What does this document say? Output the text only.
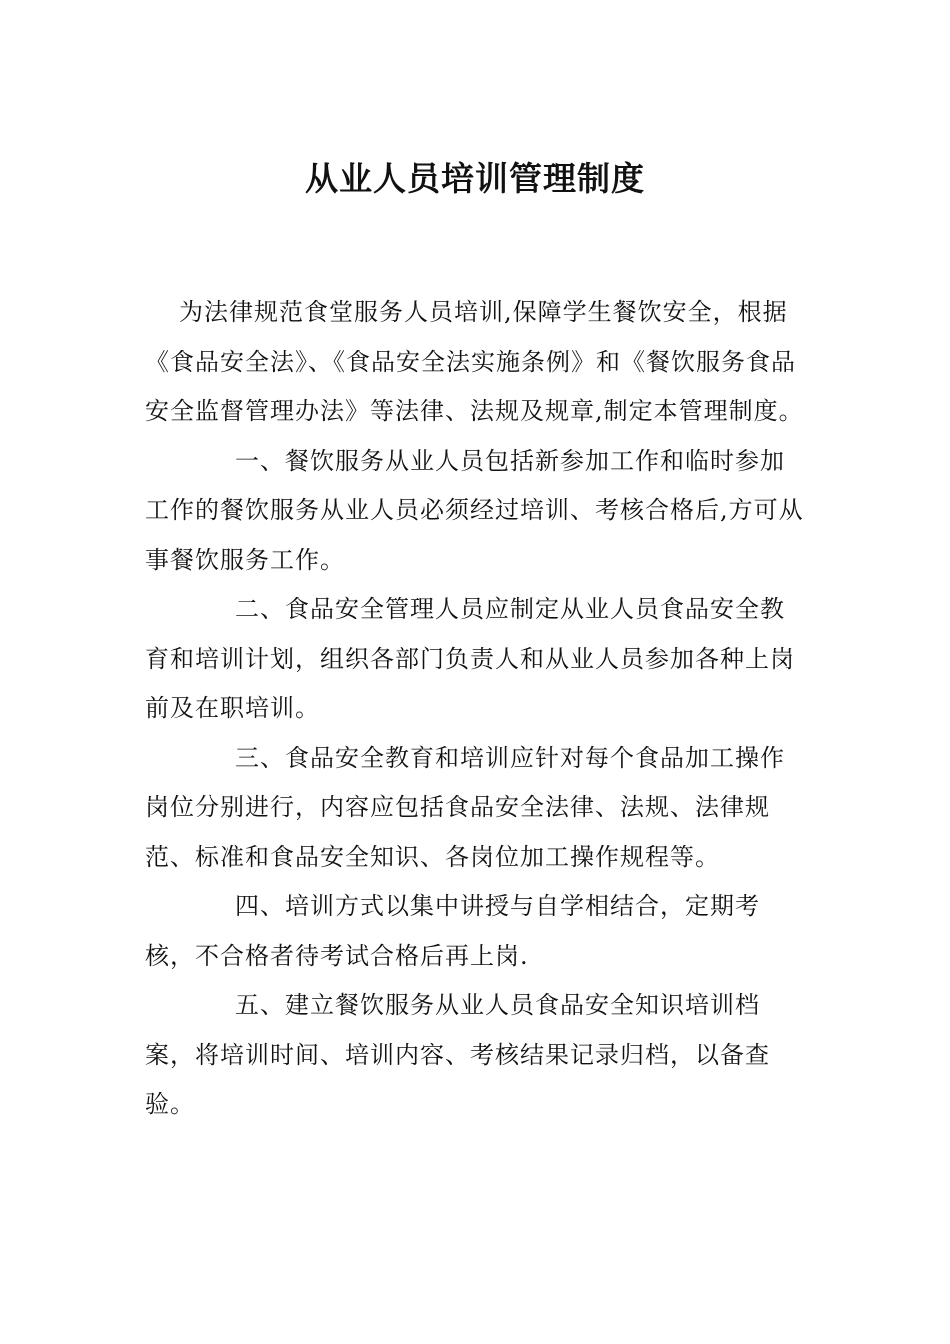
从业人员培训管理制度

为法律规范食堂服务人员培训,保障学生餐饮安全，根据《食品安全法》、《食品安全法实施条例》和《餐饮服务食品安全监督管理办法》等法律、法规及规章,制定本管理制度。

一、餐饮服务从业人员包括新参加工作和临时参加工作的餐饮服务从业人员必须经过培训、考核合格后,方可从事餐饮服务工作。

二、食品安全管理人员应制定从业人员食品安全教育和培训计划，组织各部门负责人和从业人员参加各种上岗前及在职培训。

三、食品安全教育和培训应针对每个食品加工操作岗位分别进行，内容应包括食品安全法律、法规、法律规范、标准和食品安全知识、各岗位加工操作规程等。

四、培训方式以集中讲授与自学相结合，定期考核，不合格者待考试合格后再上岗.

五、建立餐饮服务从业人员食品安全知识培训档案，将培训时间、培训内容、考核结果记录归档，以备查验。
